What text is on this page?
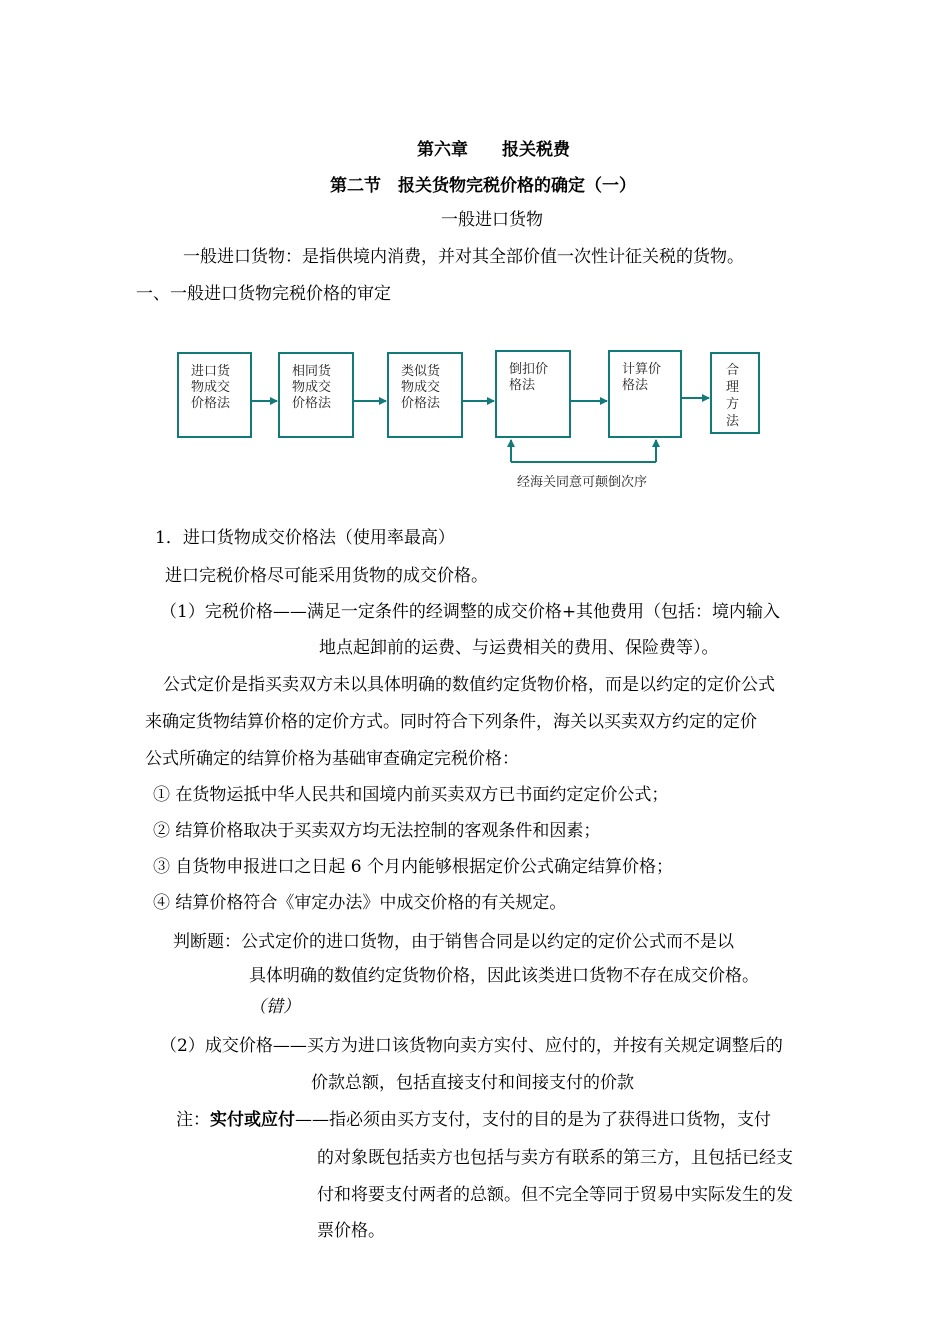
第六章　　报关税费
第二节　报关货物完税价格的确定（一）
一般进口货物
一般进口货物：是指供境内消费，并对其全部价值一次性计征关税的货物。
一、一般进口货物完税价格的审定
进口货
物成交
价格法
相同货
物成交
价格法
类似货
物成交
价格法
倒扣价
格法
计算价
格法
合
理
方
法
经海关同意可颠倒次序
1．进口货物成交价格法（使用率最高）
进口完税价格尽可能采用货物的成交价格。
（1）完税价格——满足一定条件的经调整的成交价格+其他费用（包括：境内输入
地点起卸前的运费、与运费相关的费用、保险费等）。
公式定价是指买卖双方未以具体明确的数值约定货物价格，而是以约定的定价公式
来确定货物结算价格的定价方式。同时符合下列条件，海关以买卖双方约定的定价
公式所确定的结算价格为基础审查确定完税价格：
① 在货物运抵中华人民共和国境内前买卖双方已书面约定定价公式；
② 结算价格取决于买卖双方均无法控制的客观条件和因素；
③ 自货物申报进口之日起 6 个月内能够根据定价公式确定结算价格；
④ 结算价格符合《审定办法》中成交价格的有关规定。
判断题：公式定价的进口货物，由于销售合同是以约定的定价公式而不是以
具体明确的数值约定货物价格，因此该类进口货物不存在成交价格。
（错）
（2）成交价格——买方为进口该货物向卖方实付、应付的，并按有关规定调整后的
价款总额，包括直接支付和间接支付的价款
注：实付或应付——指必须由买方支付，支付的目的是为了获得进口货物，支付
的对象既包括卖方也包括与卖方有联系的第三方，且包括已经支
付和将要支付两者的总额。但不完全等同于贸易中实际发生的发
票价格。
